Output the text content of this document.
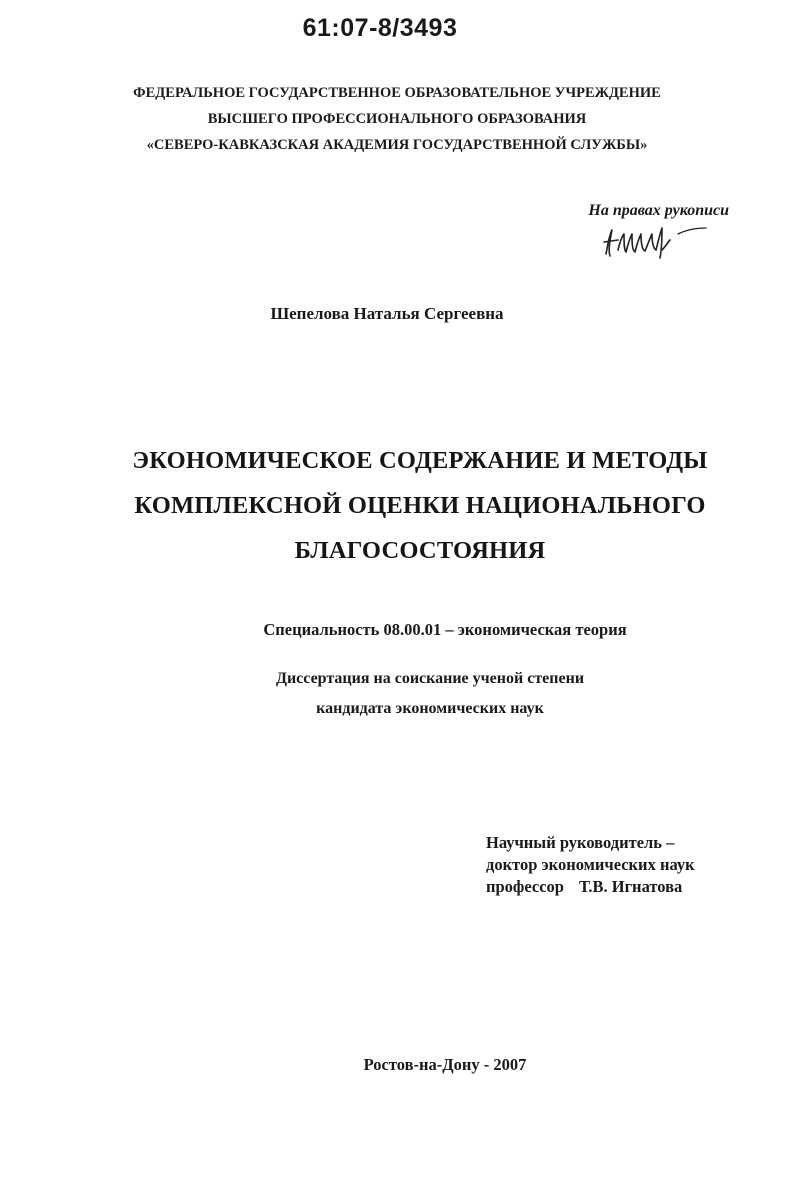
61:07-8/3493
ФЕДЕРАЛЬНОЕ ГОСУДАРСТВЕННОЕ ОБРАЗОВАТЕЛЬНОЕ УЧРЕЖДЕНИЕ
ВЫСШЕГО ПРОФЕССИОНАЛЬНОГО ОБРАЗОВАНИЯ
«СЕВЕРО-КАВКАЗСКАЯ АКАДЕМИЯ ГОСУДАРСТВЕННОЙ СЛУЖБЫ»
На правах рукописи
Шепелова Наталья Сергеевна
ЭКОНОМИЧЕСКОЕ СОДЕРЖАНИЕ И МЕТОДЫ
КОМПЛЕКСНОЙ ОЦЕНКИ НАЦИОНАЛЬНОГО
БЛАГОСОСТОЯНИЯ
Специальность 08.00.01 – экономическая теория
Диссертация на соискание ученой степени
кандидата экономических наук
Научный руководитель –
доктор экономических наук
профессор Т.В. Игнатова
Ростов-на-Дону - 2007
